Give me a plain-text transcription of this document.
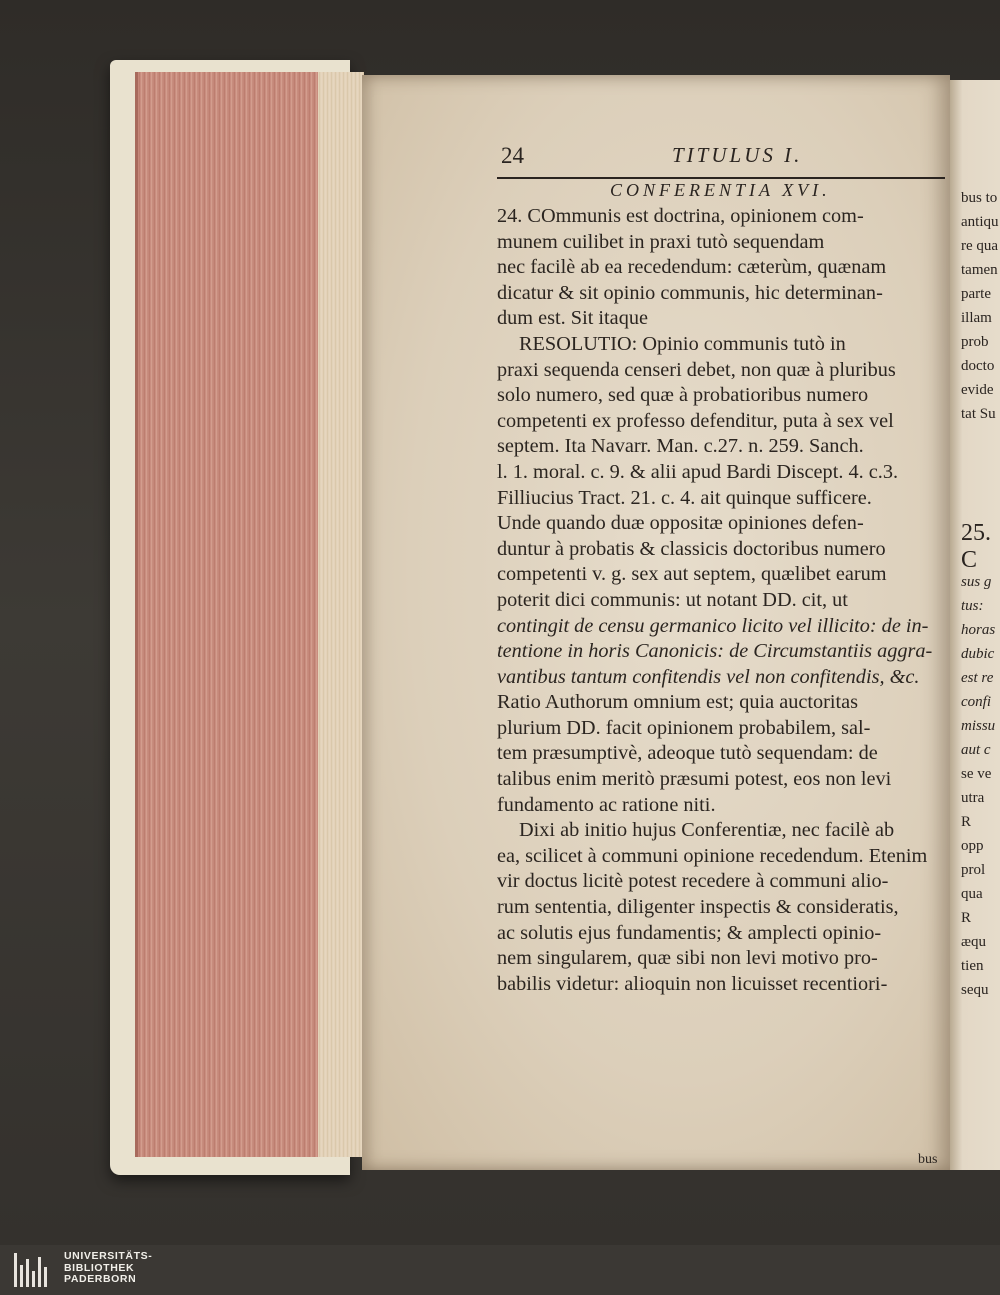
24	TITULUS I.
CONFERENTIA XVI.
24. COmmunis est doctrina, opinionem com-
munem cuilibet in praxi tutò sequendam
nec facilè ab ea recedendum: cæterùm, quænam
dicatur & sit opinio communis, hic determinan-
dum est. Sit itaque
RESOLUTIO: Opinio communis tutò in
praxi sequenda censeri debet, non quæ à pluribus
solo numero, sed quæ à probatioribus numero
competenti ex professo defenditur, puta à sex vel
septem. Ita Navarr. Man. c.27. n. 259. Sanch.
l. 1. moral. c. 9. & alii apud Bardi Discept. 4. c.3.
Filliucius Tract. 21. c. 4. ait quinque sufficere.
Unde quando duæ oppositæ opiniones defen-
duntur à probatis & classicis doctoribus numero
competenti v. g. sex aut septem, quælibet earum
poterit dici communis: ut notant DD. cit, ut
contingit de censu germanico licito vel illicito: de in-
tentione in horis Canonicis: de Circumstantiis aggra-
vantibus tantum confitendis vel non confitendis, &c.
Ratio Authorum omnium est; quia auctoritas
plurium DD. facit opinionem probabilem, sal-
tem præsumptivè, adeoque tutò sequendam: de
talibus enim meritò præsumi potest, eos non levi
fundamento ac ratione niti.
Dixi ab initio hujus Conferentiæ, nec facilè ab
ea, scilicet à communi opinione recedendum. Etenim
vir doctus licitè potest recedere à communi alio-
rum sententia, diligenter inspectis & consideratis,
ac solutis ejus fundamentis; & amplecti opinio-
nem singularem, quæ sibi non levi motivo pro-
babilis videtur: alioquin non licuisset recentiori-
bus
bus to
antiqu
re qua
tamen
parte
illam
prob
docto
evide
tat Su
25. C
sus g
tus:
horas
dubic
est re
confi
missu
aut c
se ve
utra
R
opp
prol
qua
R
æqu
tien
sequ
UNIVERSITÄTS-
BIBLIOTHEK
PADERBORN
